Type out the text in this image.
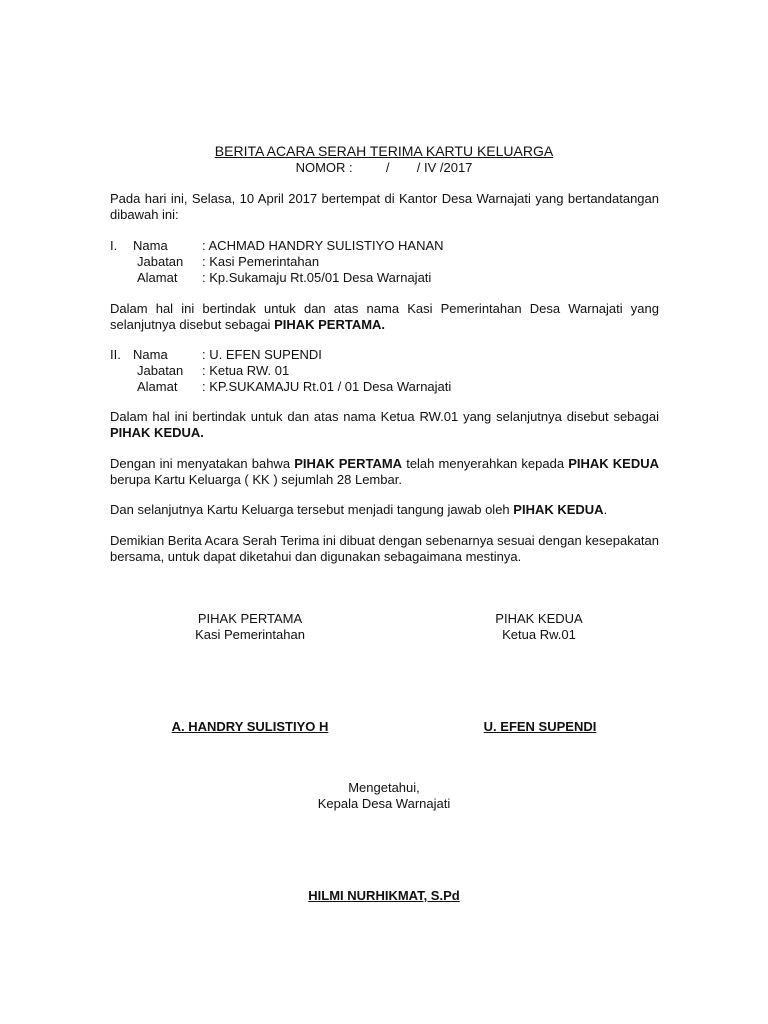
BERITA ACARA SERAH TERIMA KARTU KELUARGA
NOMOR :	/ / IV /2017
Pada hari ini, Selasa, 10 April 2017 bertempat di Kantor Desa Warnajati yang bertandatangan dibawah ini:
I. Nama	: ACHMAD HANDRY SULISTIYO HANAN
Jabatan : Kasi Pemerintahan
Alamat : Kp.Sukamaju Rt.05/01 Desa Warnajati
Dalam hal ini bertindak untuk dan atas nama Kasi Pemerintahan Desa Warnajati yang selanjutnya disebut sebagai PIHAK PERTAMA.
II. Nama	: U. EFEN SUPENDI
Jabatan : Ketua RW. 01
Alamat : KP.SUKAMAJU Rt.01 / 01 Desa Warnajati
Dalam hal ini bertindak untuk dan atas nama Ketua RW.01 yang selanjutnya disebut sebagai PIHAK KEDUA.
Dengan ini menyatakan bahwa PIHAK PERTAMA telah menyerahkan kepada PIHAK KEDUA berupa Kartu Keluarga ( KK ) sejumlah 28 Lembar.
Dan selanjutnya Kartu Keluarga tersebut menjadi tangung jawab oleh PIHAK KEDUA.
Demikian Berita Acara Serah Terima ini dibuat dengan sebenarnya sesuai dengan kesepakatan bersama, untuk dapat diketahui dan digunakan sebagaimana mestinya.
PIHAK PERTAMA
Kasi Pemerintahan
PIHAK KEDUA
Ketua Rw.01
A. HANDRY SULISTIYO H	U. EFEN SUPENDI
Mengetahui,
Kepala Desa Warnajati
HILMI NURHIKMAT, S.Pd
